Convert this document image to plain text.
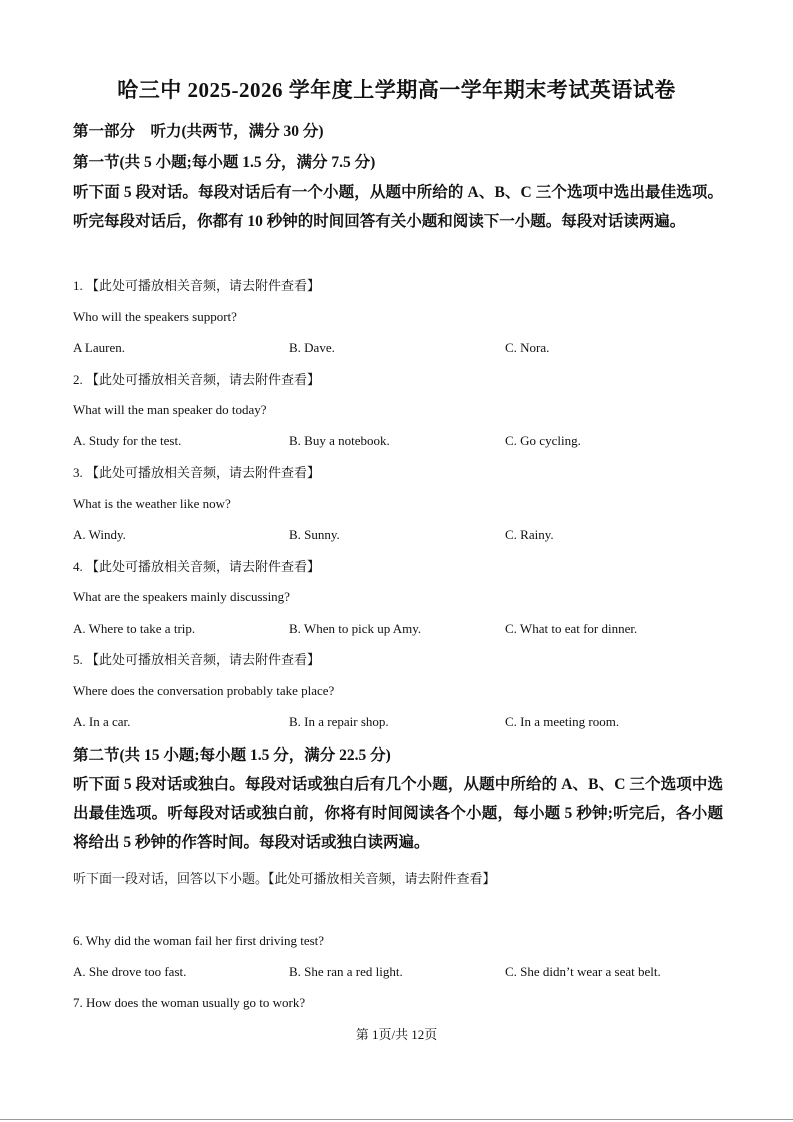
哈三中 2025-2026 学年度上学期高一学年期末考试英语试卷
第一部分　听力(共两节，满分 30 分)
第一节(共 5 小题;每小题 1.5 分，满分 7.5 分)
听下面 5 段对话。每段对话后有一个小题，从题中所给的 A、B、C 三个选项中选出最佳选项。听完每段对话后，你都有 10 秒钟的时间回答有关小题和阅读下一小题。每段对话读两遍。
1. 【此处可播放相关音频，请去附件查看】
Who will the speakers support?
A Lauren.	B. Dave.	C. Nora.
2. 【此处可播放相关音频，请去附件查看】
What will the man speaker do today?
A. Study for the test.	B. Buy a notebook.	C. Go cycling.
3. 【此处可播放相关音频，请去附件查看】
What is the weather like now?
A. Windy.	B. Sunny.	C. Rainy.
4. 【此处可播放相关音频，请去附件查看】
What are the speakers mainly discussing?
A. Where to take a trip.	B. When to pick up Amy.	C. What to eat for dinner.
5. 【此处可播放相关音频，请去附件查看】
Where does the conversation probably take place?
A. In a car.	B. In a repair shop.	C. In a meeting room.
第二节(共 15 小题;每小题 1.5 分，满分 22.5 分)
听下面 5 段对话或独白。每段对话或独白后有几个小题，从题中所给的 A、B、C 三个选项中选出最佳选项。听每段对话或独白前，你将有时间阅读各个小题，每小题 5 秒钟;听完后，各小题将给出 5 秒钟的作答时间。每段对话或独白读两遍。
听下面一段对话，回答以下小题。【此处可播放相关音频，请去附件查看】
6. Why did the woman fail her first driving test?
A. She drove too fast.	B. She ran a red light.	C. She didn’t wear a seat belt.
7. How does the woman usually go to work?
第 1页/共 12页
